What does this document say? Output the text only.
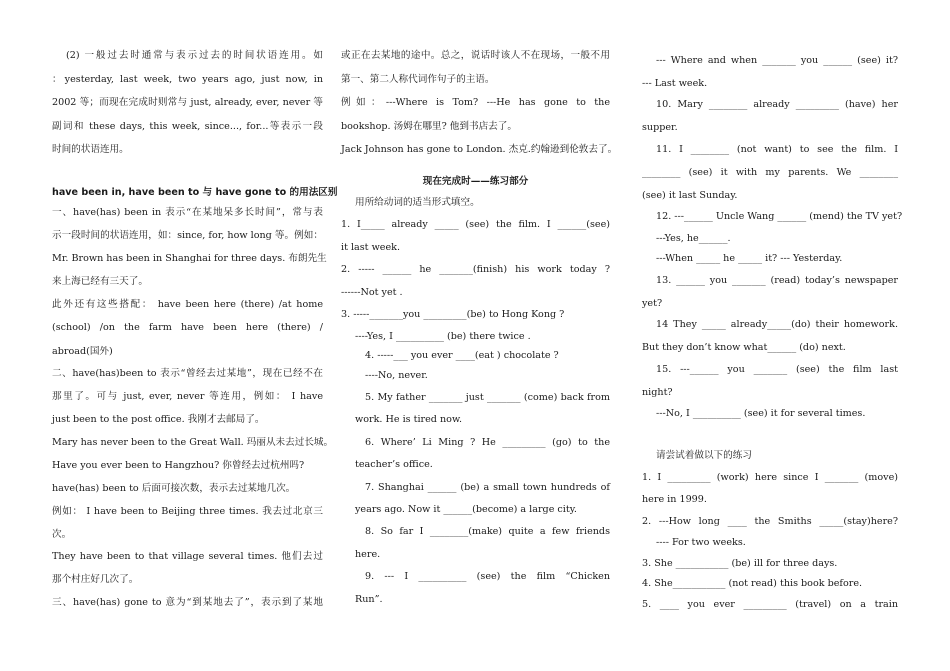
(2) 一般过去时通常与表示过去的时间状语连用。如
：yesterday, last week, two years ago, just now, in
2002 等；而现在完成时则常与 just, already, ever, never 等
副词和 these days, this week, since..., for...等表示一段
时间的状语连用。
have been in, have been to 与 have gone to 的用法区别
一、have(has) been in 表示“在某地呆多长时间”，常与表
示一段时间的状语连用，如：since, for, how long 等。例如：
Mr. Brown has been in Shanghai for three days. 布朗先生
来上海已经有三天了。
此外还有这些搭配： have been here (there) /at home
(school) /on the farm have been here (there) /
abroad(国外)
二、have(has)been to 表示“曾经去过某地”，现在已经不在
那里了。可与 just, ever, never 等连用，例如： I have
just been to the post office. 我刚才去邮局了。
Mary has never been to the Great Wall. 玛丽从未去过长城。
Have you ever been to Hangzhou? 你曾经去过杭州吗?
have(has) been to 后面可接次数，表示去过某地几次。
例如： I have been to Beijing three times. 我去过北京三
次。
They have been to that village several times. 他们去过
那个村庄好几次了。
三、have(has) gone to 意为“到某地去了”，表示到了某地
或正在去某地的途中。总之，说话时该人不在现场，一般不用
第一、第二人称代词作句子的主语。
例如：---Where is Tom? ---He has gone to the
bookshop. 汤姆在哪里? 他到书店去了。
Jack Johnson has gone to London. 杰克.约翰逊到伦敦去了。
现在完成时——练习部分
用所给动词的适当形式填空。
1. I_____ already _____ (see) the film. I ______(see)
it last week.
2. ----- ______ he _______(finish) his work today ?
------Not yet .
3. -----_______you _________(be) to Hong Kong ?
----Yes, I __________ (be) there twice .
4. -----___ you ever ____(eat ) chocolate ?
----No, never.
5. My father _______ just _______ (come) back from
work. He is tired now.
6. Where’ Li Ming ? He _________ (go) to the
teacher’s office.
7. Shanghai ______ (be) a small town hundreds of
years ago. Now it ______(become) a large city.
8. So far I ________(make) quite a few friends
here.
9. --- I __________ (see) the film “Chicken
Run”.
--- Where and when _______ you ______ (see) it?
--- Last week.
10. Mary ________ already _________ (have) her
supper.
11. I ________ (not want) to see the film. I
________ (see) it with my parents. We ________
(see) it last Sunday.
12. ---______ Uncle Wang ______ (mend) the TV yet?
---Yes, he______.
---When _____ he _____ it? --- Yesterday.
13. ______ you _______ (read) today’s newspaper
yet?
14 They _____ already_____(do) their homework.
But they don’t know what______ (do) next.
15. ---______ you _______ (see) the film last
night?
---No, I __________ (see) it for several times.
请尝试着做以下的练习
1. I _________ (work) here since I _______ (move)
here in 1999.
2. ---How long ____ the Smiths _____(stay)here?
---- For two weeks.
3. She ___________ (be) ill for three days.
4. She___________ (not read) this book before.
5. ____ you ever _________ (travel) on a train
